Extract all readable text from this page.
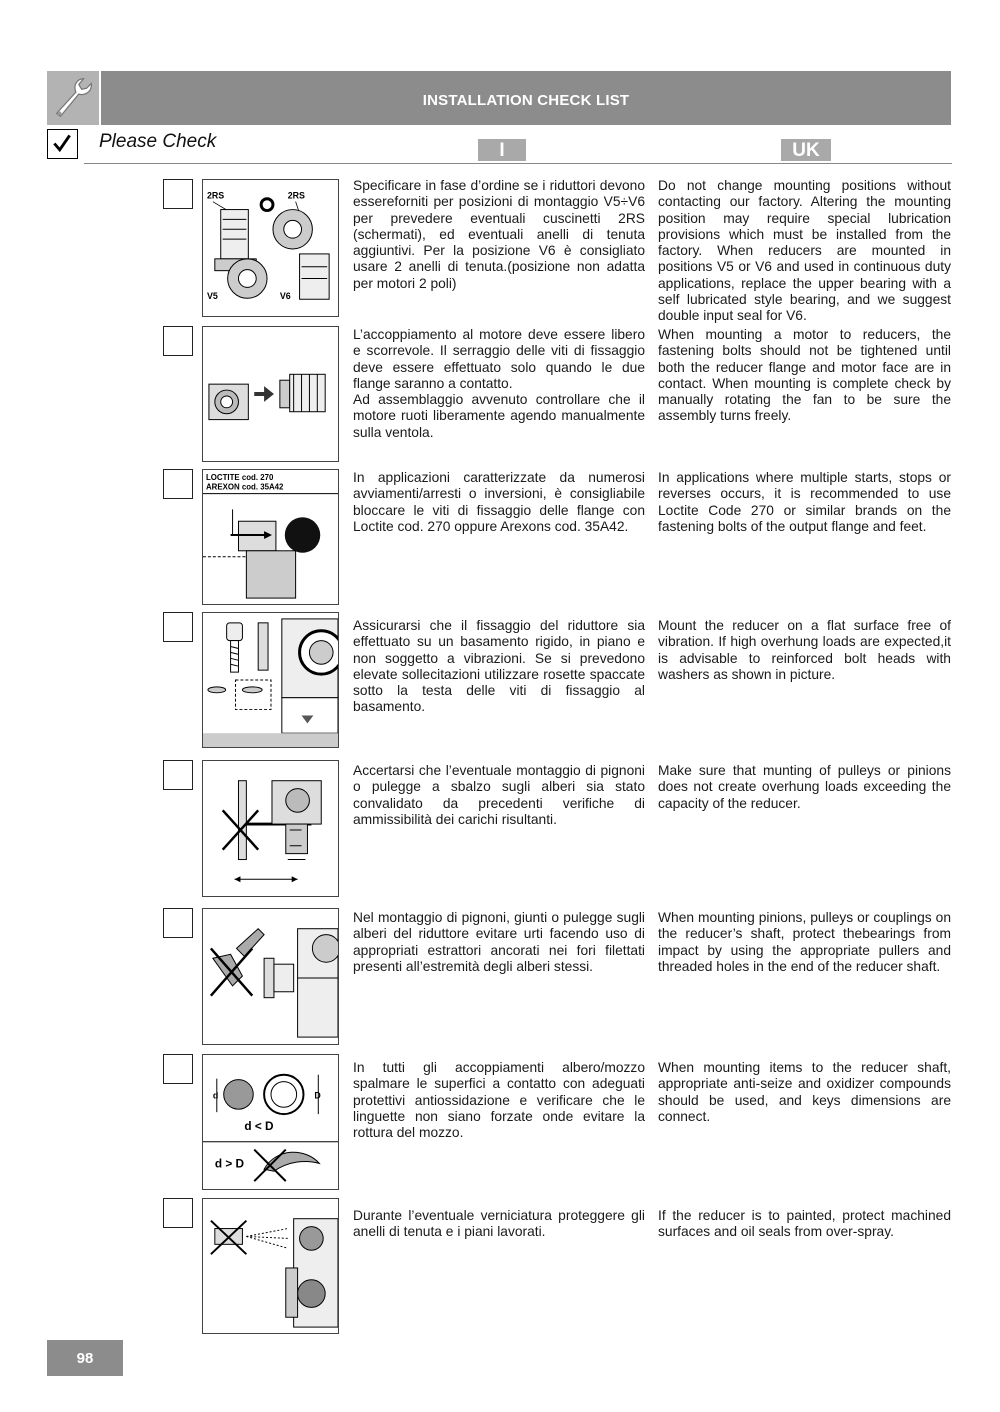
INSTALLATION CHECK LIST
Please Check	I	UK
2RS	2RS
V5	V6
Specificare in fase d’ordine se i riduttori devono essereforniti per posizioni di montaggio V5÷V6 per prevedere eventuali cuscinetti 2RS (schermati), ed eventuali anelli di tenuta aggiuntivi. Per la posizione V6 è consigliato usare 2 anelli di tenuta.(posizione non adatta per motori 2 poli)
Do not change mounting positions without contacting our factory. Altering the mounting position may require special lubrication provisions which must be installed from the factory. When reducers are mounted in positions V5 or V6 and used in continuous duty applications, replace the upper bearing with a self lubricated style bearing, and we suggest double input seal for V6.
L’accoppiamento al motore deve essere libero e scorrevole. Il serraggio delle viti di fissaggio deve essere effettuato solo quando le due flange saranno a contatto.
Ad assemblaggio avvenuto controllare che il motore ruoti liberamente agendo manualmente sulla ventola.
When mounting a motor to reducers, the fastening bolts should not be tightened until both the reducer flange and motor face are in contact. When mounting is complete check by manually rotating the fan to be sure the assembly turns freely.
LOCTITE cod. 270
AREXON cod. 35A42
In applicazioni caratterizzate da numerosi avviamenti/arresti o inversioni, è consigliabile bloccare le viti di fissaggio delle flange con Loctite cod. 270 oppure Arexons cod. 35A42.
In applications where multiple starts, stops or reverses occurs, it is recommended to use Loctite Code 270 or similar brands on the fastening bolts of the output flange and feet.
Assicurarsi che il fissaggio del riduttore sia effettuato su un basamento rigido, in piano e non soggetto a vibrazioni. Se si prevedono elevate sollecitazioni utilizzare rosette spaccate sotto la testa delle viti di fissaggio al basamento.
Mount the reducer on a flat surface free of vibration. If high overhung loads are expected,it is advisable to reinforced bolt heads with washers as shown in picture.
Accertarsi che l’eventuale montaggio di pignoni o pulegge a sbalzo sugli alberi sia stato convalidato da precedenti verifiche di ammissibilità dei carichi risultanti.
Make sure that munting of pulleys or pinions does not create overhung loads exceeding the capacity of the reducer.
Nel montaggio di pignoni, giunti o pulegge sugli alberi del riduttore evitare urti facendo uso di appropriati estrattori ancorati nei fori filettati presenti all’estremità degli alberi stessi.
When mounting pinions, pulleys or couplings on the reducer’s shaft, protect thebearings from impact by using the appropriate pullers and threaded holes in the end of the reducer shaft.
d	D
d < D
d > D
In tutti gli accoppiamenti albero/mozzo spalmare le superfici a contatto con adeguati protettivi antiossidazione e verificare che le linguette non siano forzate onde evitare la rottura del mozzo.
When mounting items to the reducer shaft, appropriate anti-seize and oxidizer compounds should be used, and keys dimensions are connect.
Durante l’eventuale verniciatura proteggere gli anelli di tenuta e i piani lavorati.
If the reducer is to painted, protect machined surfaces and oil seals from over-spray.
98
